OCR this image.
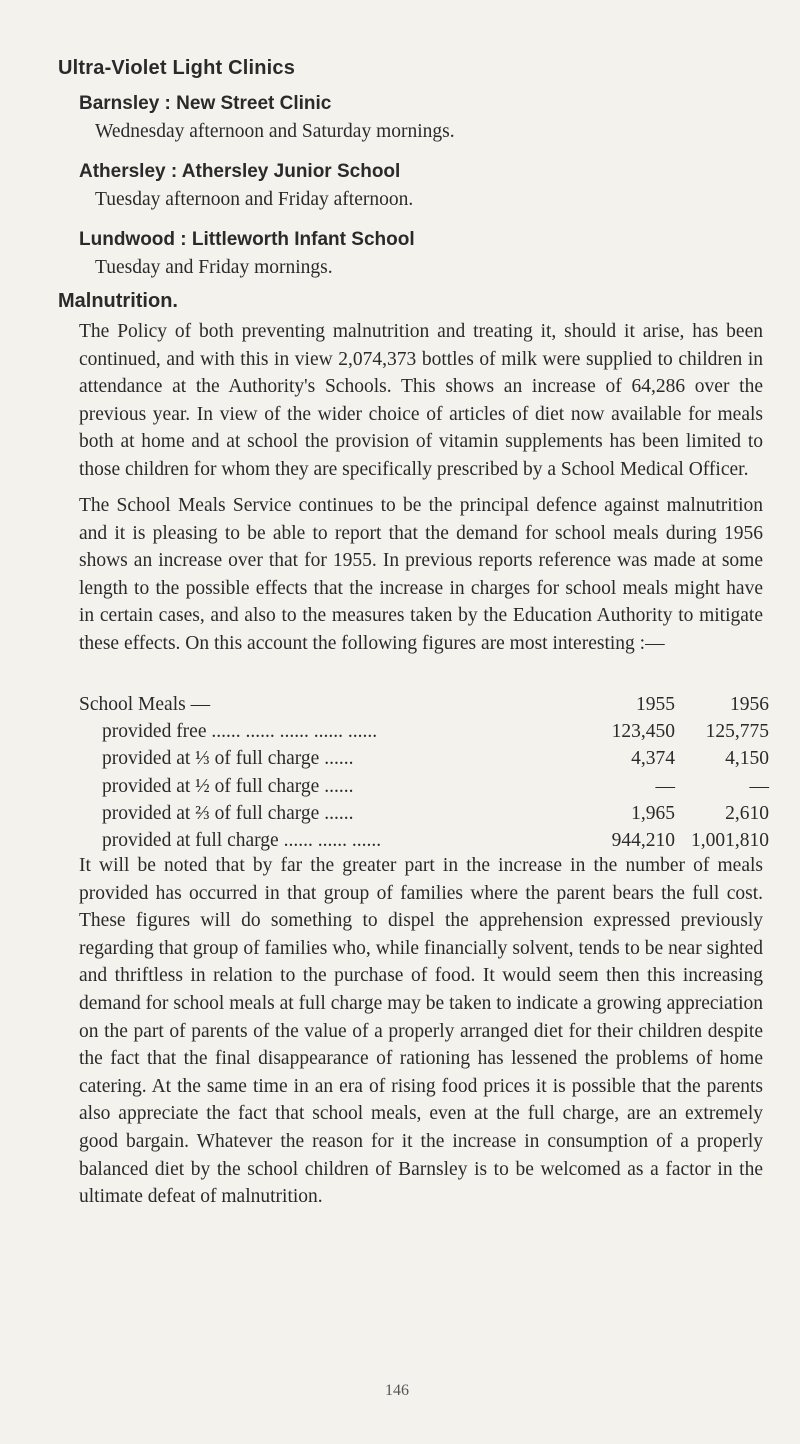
Ultra-Violet Light Clinics
Barnsley : New Street Clinic
Wednesday afternoon and Saturday mornings.
Athersley : Athersley Junior School
Tuesday afternoon and Friday afternoon.
Lundwood : Littleworth Infant School
Tuesday and Friday mornings.
Malnutrition.

The Policy of both preventing malnutrition and treating it, should it arise, has been continued, and with this in view 2,074,373 bottles of milk were supplied to children in attendance at the Authority's Schools. This shows an increase of 64,286 over the previous year. In view of the wider choice of articles of diet now available for meals both at home and at school the provision of vitamin supplements has been limited to those children for whom they are specifically prescribed by a School Medical Officer.

The School Meals Service continues to be the principal defence against malnutrition and it is pleasing to be able to report that the demand for school meals during 1956 shows an increase over that for 1955. In previous reports reference was made at some length to the possible effects that the increase in charges for school meals might have in certain cases, and also to the measures taken by the Education Authority to mitigate these effects. On this account the following figures are most interesting :—

School Meals —	1955	1956
provided free ...... ...... ...... ...... ......	123,450	125,775
provided at ⅓ of full charge ......	4,374	4,150
provided at ½ of full charge ......	—	—
provided at ⅔ of full charge ......	1,965	2,610
provided at full charge ...... ...... ......	944,210	1,001,810

It will be noted that by far the greater part in the increase in the number of meals provided has occurred in that group of families where the parent bears the full cost. These figures will do something to dispel the apprehension expressed previously regarding that group of families who, while financially solvent, tends to be near sighted and thriftless in relation to the purchase of food. It would seem then this increasing demand for school meals at full charge may be taken to indicate a growing appreciation on the part of parents of the value of a properly arranged diet for their children despite the fact that the final disappearance of rationing has lessened the problems of home catering. At the same time in an era of rising food prices it is possible that the parents also appreciate the fact that school meals, even at the full charge, are an extremely good bargain. Whatever the reason for it the increase in consumption of a properly balanced diet by the school children of Barnsley is to be welcomed as a factor in the ultimate defeat of malnutrition.

146
